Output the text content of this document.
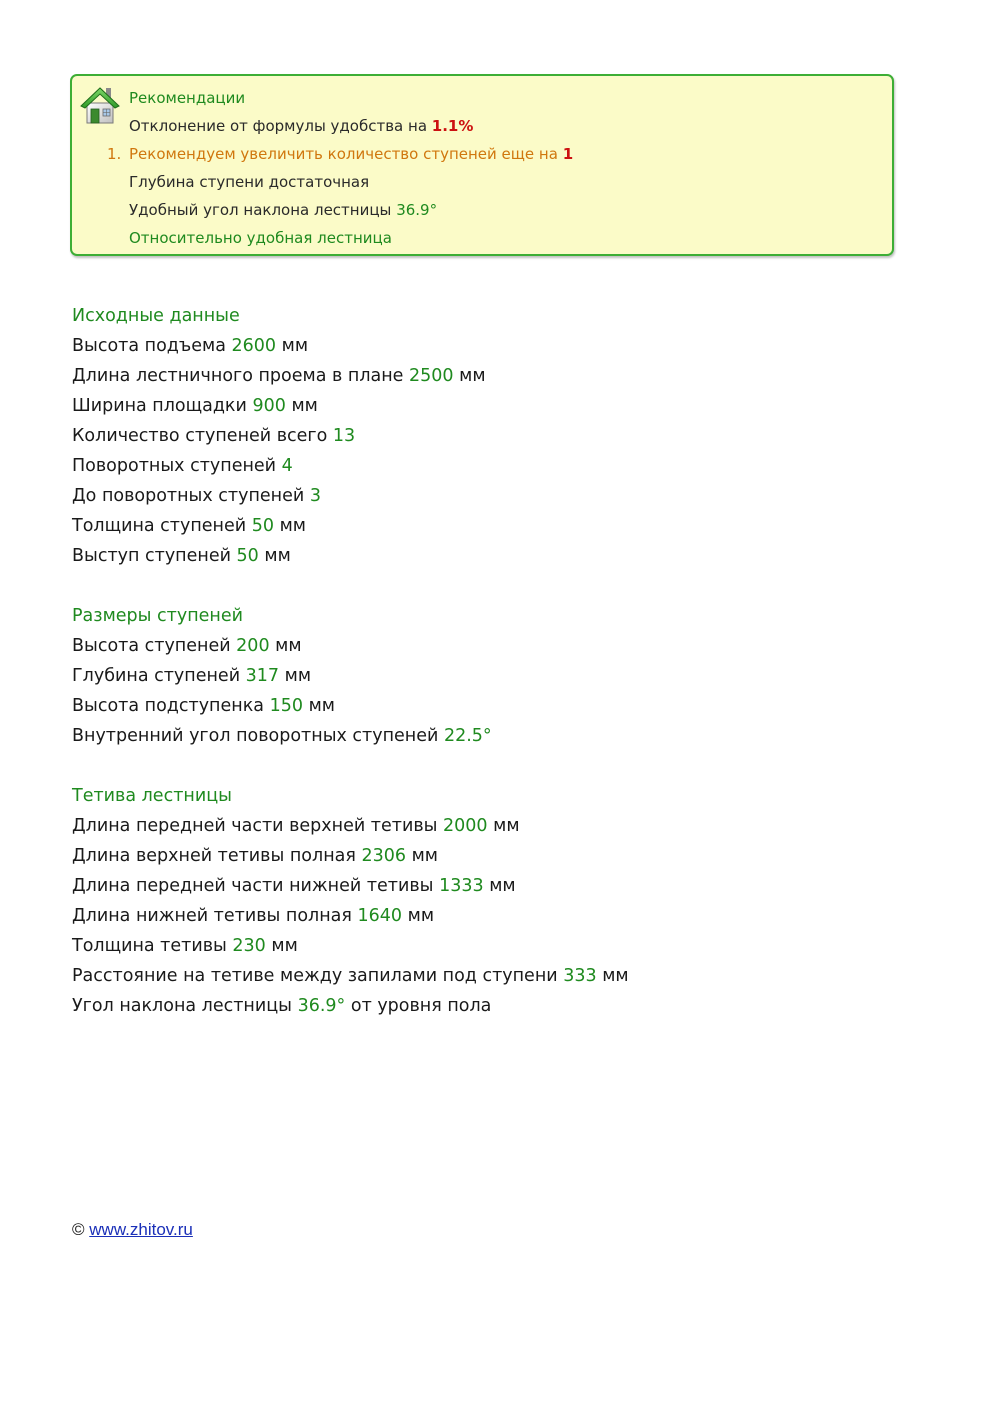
Рекомендации
Отклонение от формулы удобства на 1.1%
1. Рекомендуем увеличить количество ступеней еще на 1
Глубина ступени достаточная
Удобный угол наклона лестницы 36.9°
Относительно удобная лестница
Исходные данные
Высота подъема 2600 мм
Длина лестничного проема в плане 2500 мм
Ширина площадки 900 мм
Количество ступеней всего 13
Поворотных ступеней 4
До поворотных ступеней 3
Толщина ступеней 50 мм
Выступ ступеней 50 мм
Размеры ступеней
Высота ступеней 200 мм
Глубина ступеней 317 мм
Высота подступенка 150 мм
Внутренний угол поворотных ступеней 22.5°
Тетива лестницы
Длина передней части верхней тетивы 2000 мм
Длина верхней тетивы полная 2306 мм
Длина передней части нижней тетивы 1333 мм
Длина нижней тетивы полная 1640 мм
Толщина тетивы 230 мм
Расстояние на тетиве между запилами под ступени 333 мм
Угол наклона лестницы 36.9° от уровня пола
© www.zhitov.ru
